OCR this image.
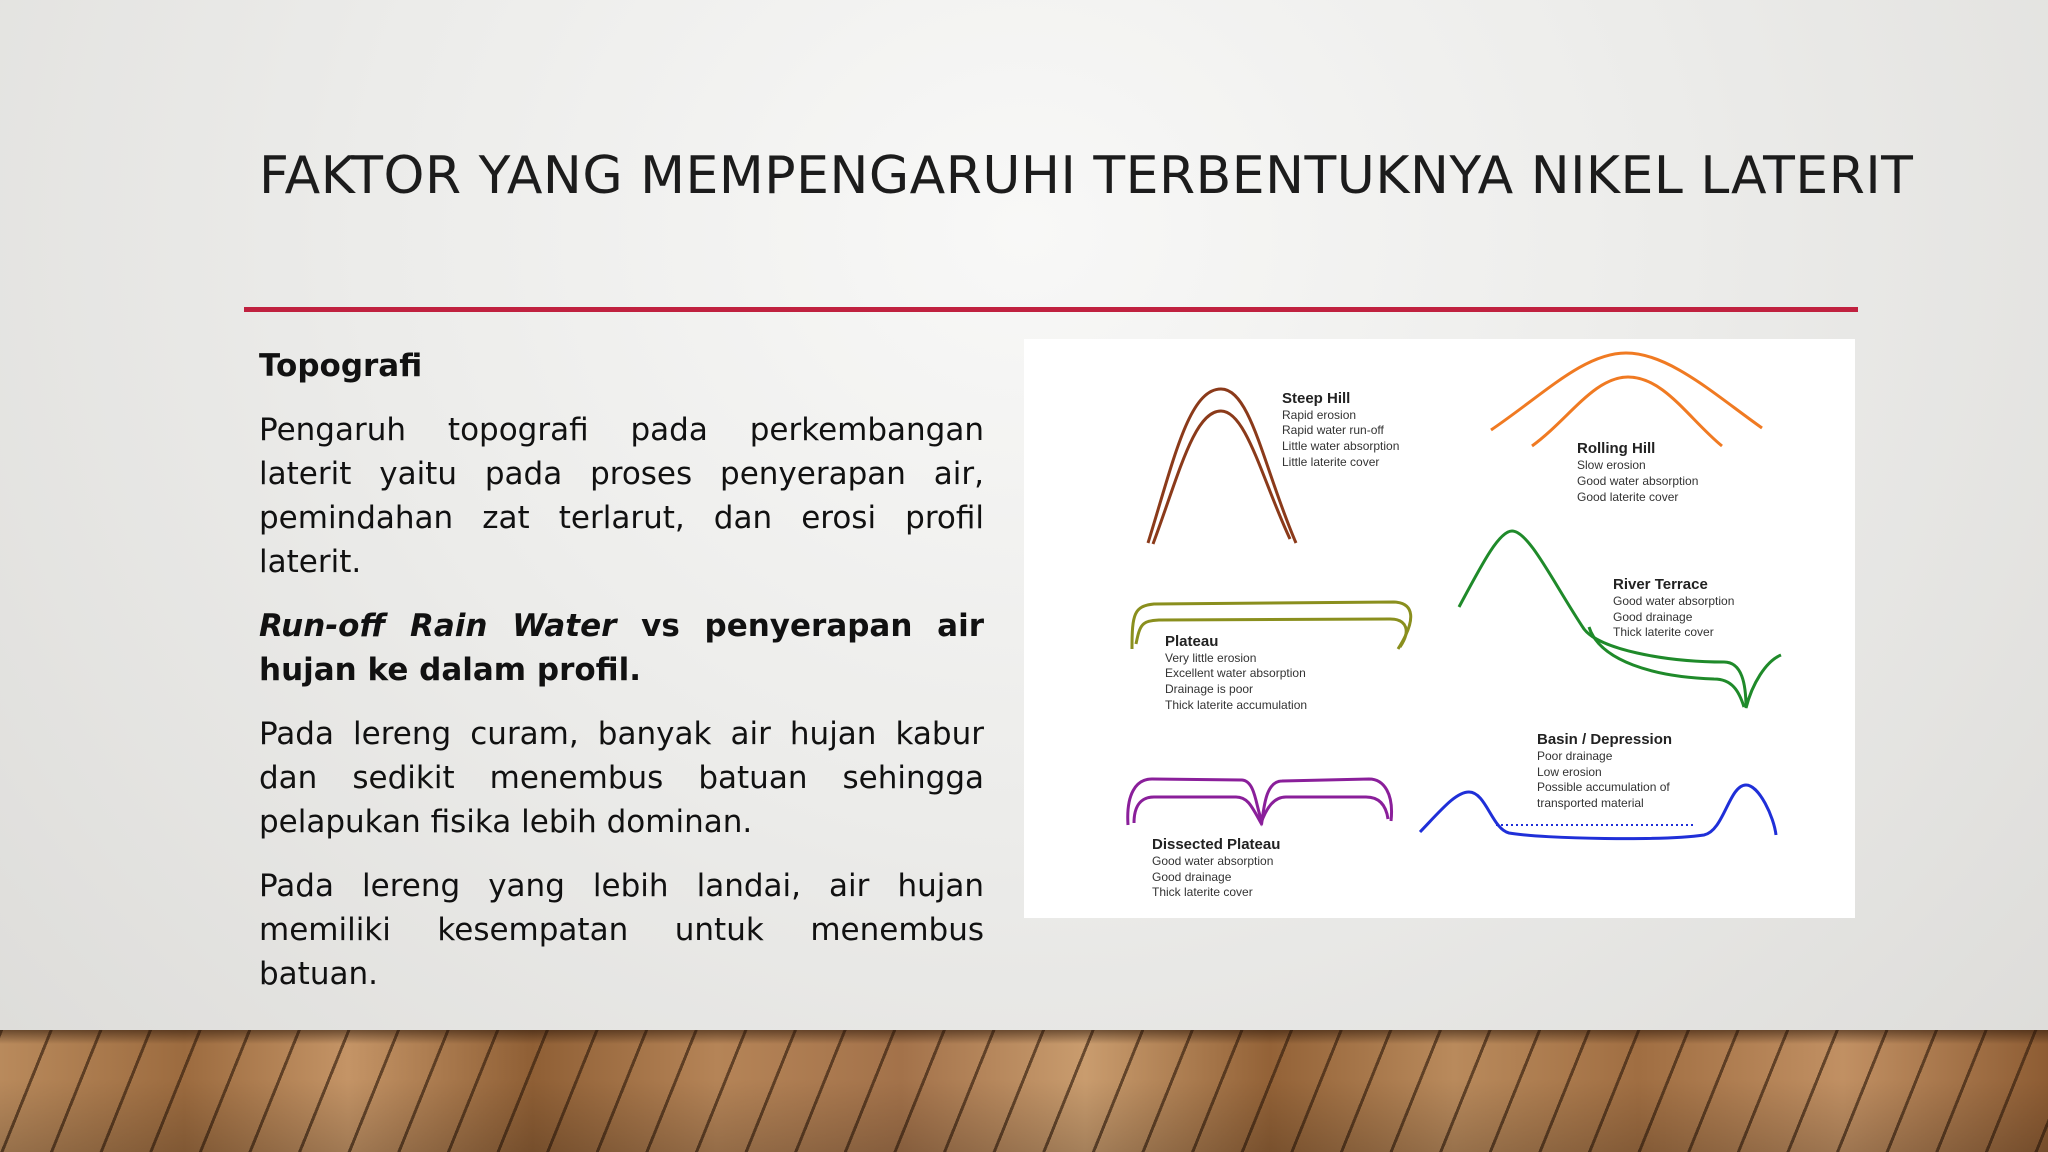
FAKTOR YANG MEMPENGARUHI TERBENTUKNYA NIKEL LATERIT

Topografi

Pengaruh topografi pada perkembangan laterit yaitu pada proses penyerapan air, pemindahan zat terlarut, dan erosi profil laterit.

Run-off Rain Water vs penyerapan air hujan ke dalam profil.

Pada lereng curam, banyak air hujan kabur dan sedikit menembus batuan sehingga pelapukan fisika lebih dominan.

Pada lereng yang lebih landai, air hujan memiliki kesempatan untuk menembus batuan.

Steep Hill
Rapid erosion
Rapid water run-off
Little water absorption
Little laterite cover
Rolling Hill
Slow erosion
Good water absorption
Good laterite cover
Plateau
Very little erosion
Excellent water absorption
Drainage is poor
Thick laterite accumulation
River Terrace
Good water absorption
Good drainage
Thick laterite cover
Basin / Depression
Poor drainage
Low erosion
Possible accumulation of
transported material
Dissected Plateau
Good water absorption
Good drainage
Thick laterite cover
